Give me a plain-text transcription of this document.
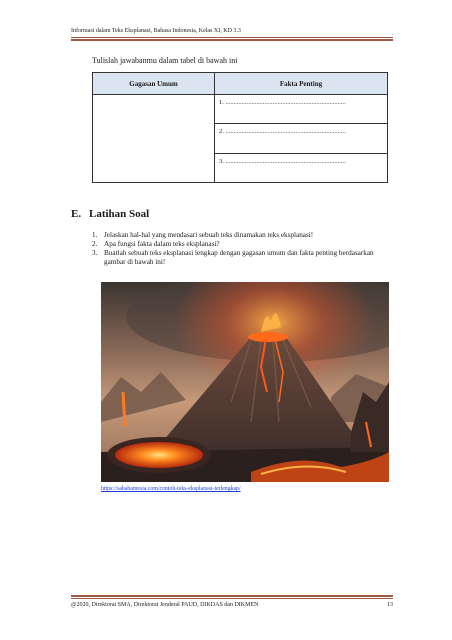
Informasi dalam Teks Eksplanasi, Bahasa Indonesia, Kelas XI, KD 3.3
Tulislah jawabanmu dalam tabel di bawah ini
Gagasan Umum	Fakta Penting
	1. ..........................................................................
	2. ..........................................................................
	3. ..........................................................................
E. Latihan Soal
1. Jelaskan hal-hal yang mendasari sebuah teks dinamakan teks eksplanasi!
2. Apa fungsi fakta dalam teks eksplanasi?
3. Buatlah sebuah teks eksplanasi lengkap dengan gagasan umum dan fakta penting berdasarkan gambar di bawah ini!
https://sahabatnesia.com/contoh-teks-eksplanasi-terlengkap/
@2020, Direktorat SMA, Direktorat Jenderal PAUD, DIKDAS dan DIKMEN	13
